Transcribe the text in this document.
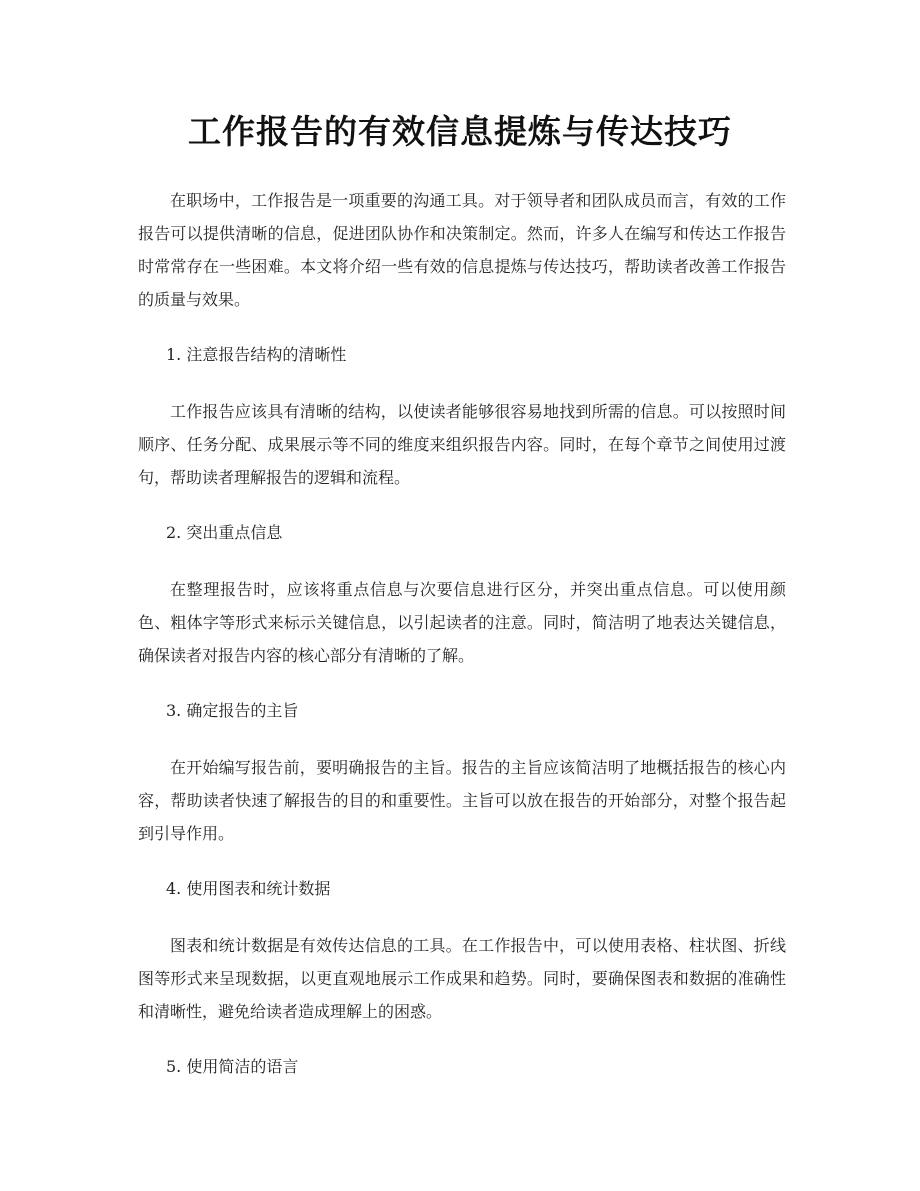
工作报告的有效信息提炼与传达技巧

在职场中，工作报告是一项重要的沟通工具。对于领导者和团队成员而言，有效的工作报告可以提供清晰的信息，促进团队协作和决策制定。然而，许多人在编写和传达工作报告时常常存在一些困难。本文将介绍一些有效的信息提炼与传达技巧，帮助读者改善工作报告的质量与效果。

1. 注意报告结构的清晰性

工作报告应该具有清晰的结构，以使读者能够很容易地找到所需的信息。可以按照时间顺序、任务分配、成果展示等不同的维度来组织报告内容。同时，在每个章节之间使用过渡句，帮助读者理解报告的逻辑和流程。

2. 突出重点信息

在整理报告时，应该将重点信息与次要信息进行区分，并突出重点信息。可以使用颜色、粗体字等形式来标示关键信息，以引起读者的注意。同时，简洁明了地表达关键信息，确保读者对报告内容的核心部分有清晰的了解。

3. 确定报告的主旨

在开始编写报告前，要明确报告的主旨。报告的主旨应该简洁明了地概括报告的核心内容，帮助读者快速了解报告的目的和重要性。主旨可以放在报告的开始部分，对整个报告起到引导作用。

4. 使用图表和统计数据

图表和统计数据是有效传达信息的工具。在工作报告中，可以使用表格、柱状图、折线图等形式来呈现数据，以更直观地展示工作成果和趋势。同时，要确保图表和数据的准确性和清晰性，避免给读者造成理解上的困惑。

5. 使用简洁的语言
